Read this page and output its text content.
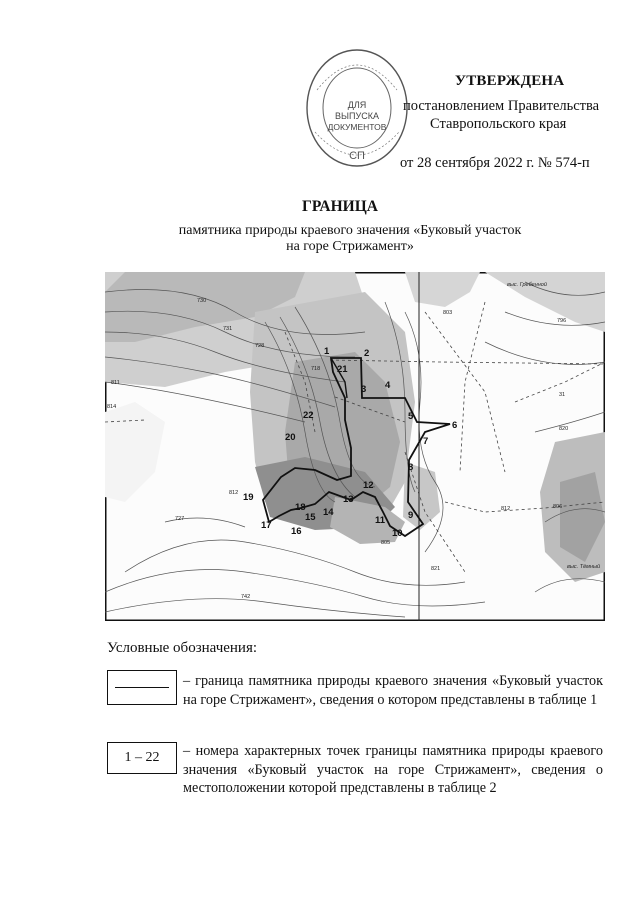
ДЛЯ
ВЫПУСКА
ДОКУМЕНТОВ
СП
УТВЕРЖДЕНА
постановлением Правительства
Ставропольского края
от 28 сентября 2022 г. № 574-п
ГРАНИЦА
памятника природы краевого значения «Буковый участок
на горе Стрижамент»
1	2
3 4
5
6
7
8
9
10
11
12
13
14
15
16
17
18
19
20
21
22
730
731
728
718
811
814
812
727
742
803
812
821
805
820
31
796
806
выс. Гребенной
выс. Тёмный
Условные обозначения:
– граница памятника природы краевого значения «Буковый участок на горе Стрижамент», сведения о котором представлены в таблице 1
1 – 22	– номера характерных точек границы памятника природы краевого значения «Буковый участок на горе Стрижамент», сведения о местоположении которой представлены в таблице 2
